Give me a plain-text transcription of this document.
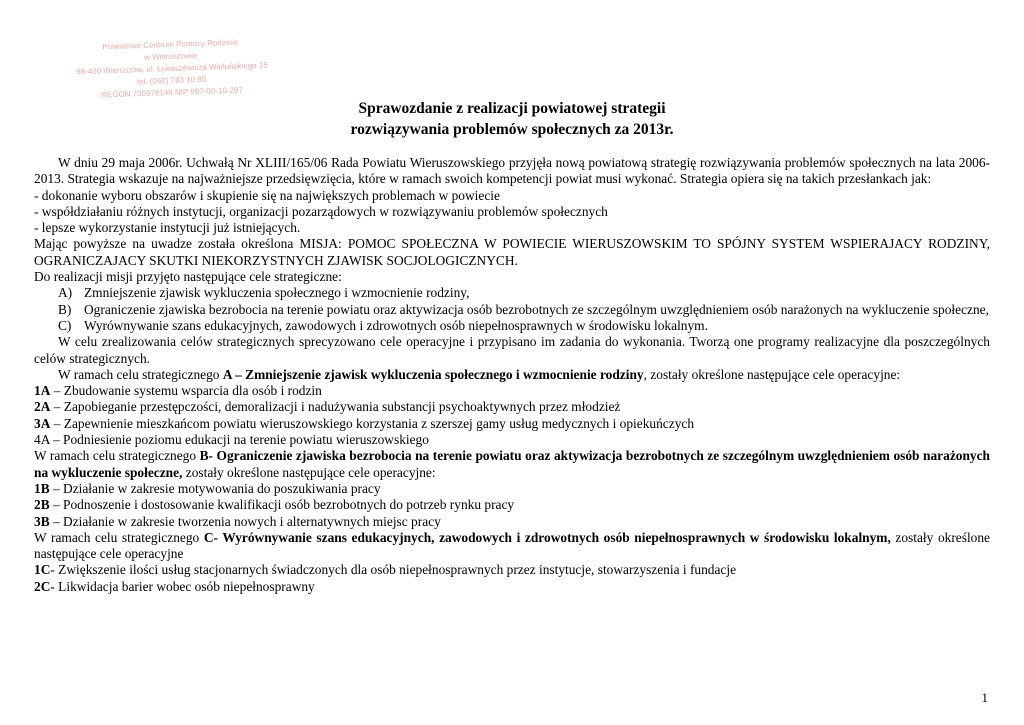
Powiatowe Centrum Pomocy Rodzinie
w Wieruszowie
98-400 Wieruszów, ul. Łukaszewicza Wieluńskiego 15
tel. (062) 783 10 85
REGON 730978148 NIP 997-00-10-297
Sprawozdanie z realizacji powiatowej strategii
rozwiązywania problemów społecznych za 2013r.

W dniu 29 maja 2006r. Uchwałą Nr XLIII/165/06 Rada Powiatu Wieruszowskiego przyjęła nową powiatową strategię rozwiązywania problemów społecznych na lata 2006-2013. Strategia wskazuje na najważniejsze przedsięwzięcia, które w ramach swoich kompetencji powiat musi wykonać. Strategia opiera się na takich przesłankach jak:

- dokonanie wyboru obszarów i skupienie się na największych problemach w powiecie

- współdziałaniu różnych instytucji, organizacji pozarządowych w rozwiązywaniu problemów społecznych

- lepsze wykorzystanie instytucji już istniejących.

Mając powyższe na uwadze została określona MISJA: POMOC SPOŁECZNA W POWIECIE WIERUSZOWSKIM TO SPÓJNY SYSTEM WSPIERAJACY RODZINY, OGRANICZAJACY SKUTKI NIEKORZYSTNYCH ZJAWISK SOCJOLOGICZNYCH.

Do realizacji misji przyjęto następujące cele strategiczne:

A) Zmniejszenie zjawisk wykluczenia społecznego i wzmocnienie rodziny,
B) Ograniczenie zjawiska bezrobocia na terenie powiatu oraz aktywizacja osób bezrobotnych ze szczególnym uwzględnieniem osób narażonych na wykluczenie społeczne,
C) Wyrównywanie szans edukacyjnych, zawodowych i zdrowotnych osób niepełnosprawnych w środowisku lokalnym.

W celu zrealizowania celów strategicznych sprecyzowano cele operacyjne i przypisano im zadania do wykonania. Tworzą one programy realizacyjne dla poszczególnych celów strategicznych.

W ramach celu strategicznego A – Zmniejszenie zjawisk wykluczenia społecznego i wzmocnienie rodziny, zostały określone następujące cele operacyjne:

1A – Zbudowanie systemu wsparcia dla osób i rodzin

2A – Zapobieganie przestępczości, demoralizacji i nadużywania substancji psychoaktywnych przez młodzież

3A – Zapewnienie mieszkańcom powiatu wieruszowskiego korzystania z szerszej gamy usług medycznych i opiekuńczych

4A – Podniesienie poziomu edukacji na terenie powiatu wieruszowskiego

W ramach celu strategicznego B- Ograniczenie zjawiska bezrobocia na terenie powiatu oraz aktywizacja bezrobotnych ze szczególnym uwzględnieniem osób narażonych na wykluczenie społeczne, zostały określone następujące cele operacyjne:

1B – Działanie w zakresie motywowania do poszukiwania pracy

2B – Podnoszenie i dostosowanie kwalifikacji osób bezrobotnych do potrzeb rynku pracy

3B – Działanie w zakresie tworzenia nowych i alternatywnych miejsc pracy

W ramach celu strategicznego C- Wyrównywanie szans edukacyjnych, zawodowych i zdrowotnych osób niepełnosprawnych w środowisku lokalnym, zostały określone następujące cele operacyjne

1C- Zwiększenie ilości usług stacjonarnych świadczonych dla osób niepełnosprawnych przez instytucje, stowarzyszenia i fundacje

2C- Likwidacja barier wobec osób niepełnosprawny

1
